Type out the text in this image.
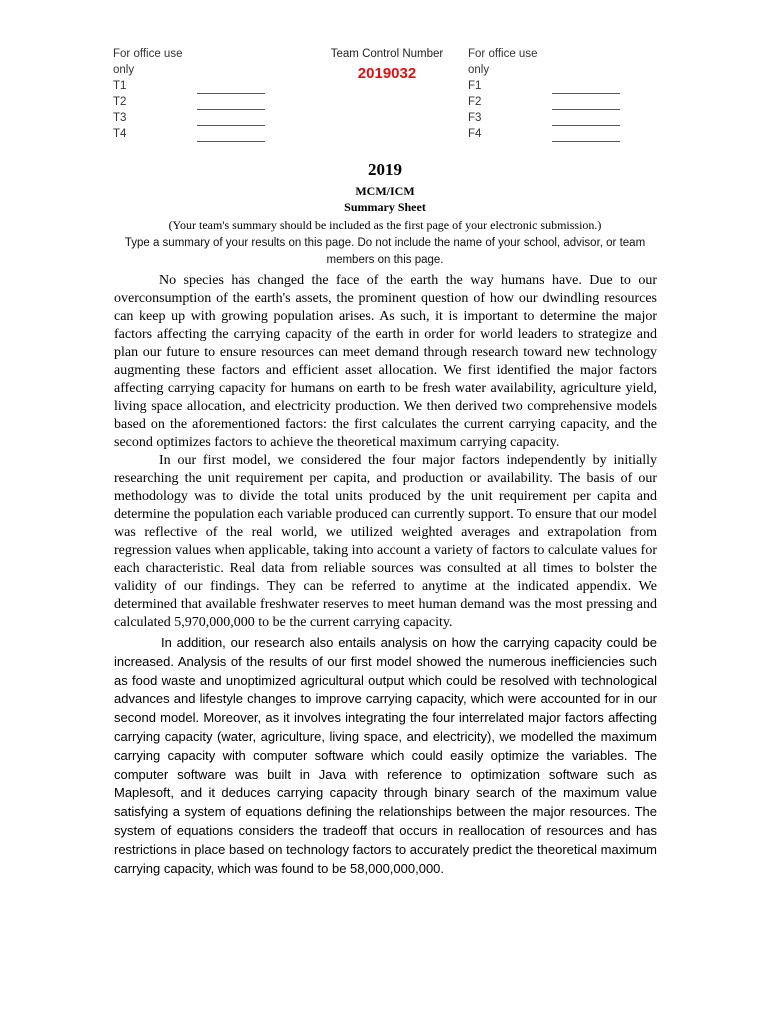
For office use
only
T1
T2
T3
T4
Team Control Number
2019032
For office use
only
F1
F2
F3
F4
2019
MCM/ICM
Summary Sheet
(Your team's summary should be included as the first page of your electronic submission.)
Type a summary of your results on this page. Do not include the name of your school, advisor, or team members on this page.

No species has changed the face of the earth the way humans have. Due to our overconsumption of the earth's assets, the prominent question of how our dwindling resources can keep up with growing population arises. As such, it is important to determine the major factors affecting the carrying capacity of the earth in order for world leaders to strategize and plan our future to ensure resources can meet demand through research toward new technology augmenting these factors and efficient asset allocation. We first identified the major factors affecting carrying capacity for humans on earth to be fresh water availability, agriculture yield, living space allocation, and electricity production. We then derived two comprehensive models based on the aforementioned factors: the first calculates the current carrying capacity, and the second optimizes factors to achieve the theoretical maximum carrying capacity.

In our first model, we considered the four major factors independently by initially researching the unit requirement per capita, and production or availability. The basis of our methodology was to divide the total units produced by the unit requirement per capita and determine the population each variable produced can currently support. To ensure that our model was reflective of the real world, we utilized weighted averages and extrapolation from regression values when applicable, taking into account a variety of factors to calculate values for each characteristic. Real data from reliable sources was consulted at all times to bolster the validity of our findings. They can be referred to anytime at the indicated appendix. We determined that available freshwater reserves to meet human demand was the most pressing and calculated 5,970,000,000 to be the current carrying capacity.

In addition, our research also entails analysis on how the carrying capacity could be increased. Analysis of the results of our first model showed the numerous inefficiencies such as food waste and unoptimized agricultural output which could be resolved with technological advances and lifestyle changes to improve carrying capacity, which were accounted for in our second model. Moreover, as it involves integrating the four interrelated major factors affecting carrying capacity (water, agriculture, living space, and electricity), we modelled the maximum carrying capacity with computer software which could easily optimize the variables. The computer software was built in Java with reference to optimization software such as Maplesoft, and it deduces carrying capacity through binary search of the maximum value satisfying a system of equations defining the relationships between the major resources. The system of equations considers the tradeoff that occurs in reallocation of resources and has restrictions in place based on technology factors to accurately predict the theoretical maximum carrying capacity, which was found to be 58,000,000,000.
